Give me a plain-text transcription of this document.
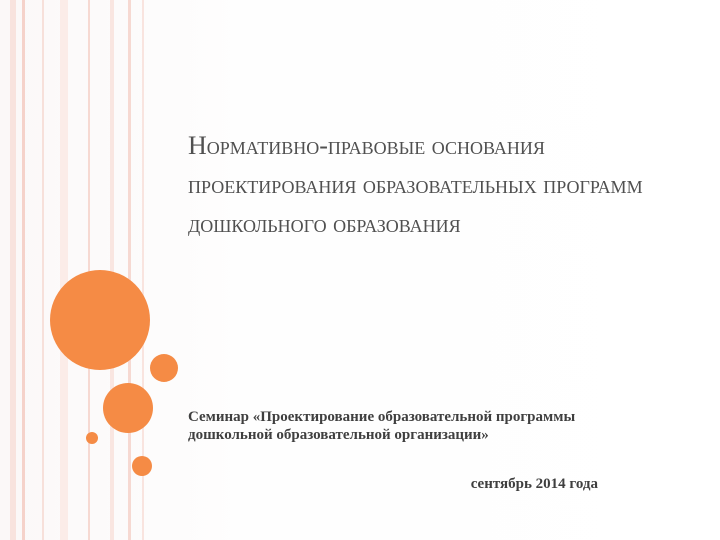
Нормативно-правовые основания проектирования образовательных программ дошкольного образования

Семинар «Проектирование образовательной программы дошкольной образовательной организации»

сентябрь 2014 года
